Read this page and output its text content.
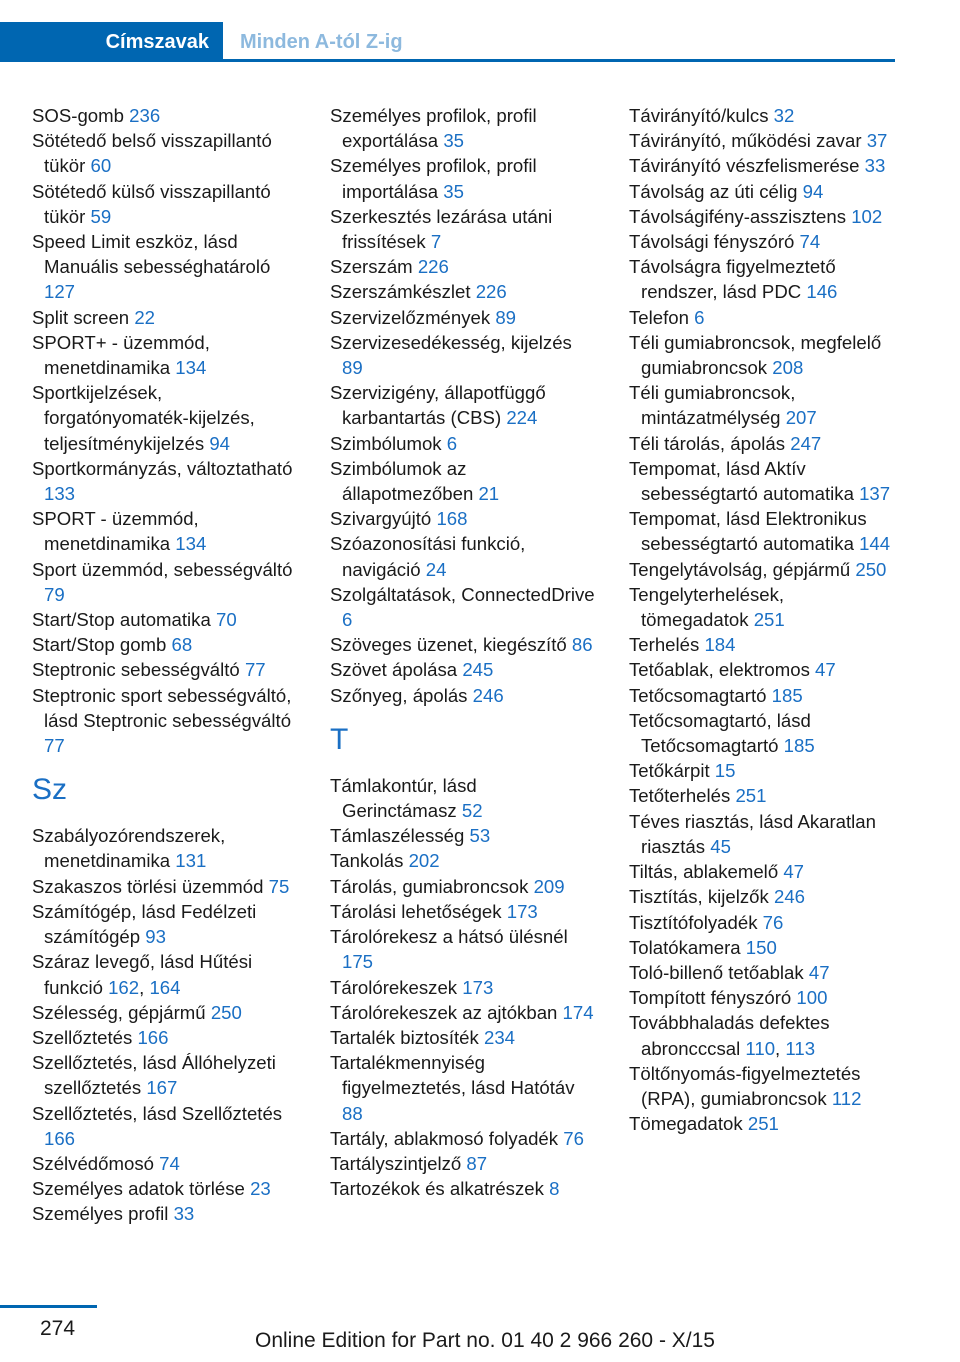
Címszavak	Minden A-tól Z-ig

SOS-gomb 236

Sötétedő belső visszapillantó tükör 60

Sötétedő külső visszapillantó tükör 59

Speed Limit eszköz, lásd Manuális sebességhatároló 127

Split screen 22

SPORT+ - üzemmód, menetdinamika 134

Sportkijelzések, forgatónyomaték-kijelzés, teljesítménykijelzés 94

Sportkormányzás, változtatható 133

SPORT - üzemmód, menetdinamika 134

Sport üzemmód, sebességváltó 79

Start/Stop automatika 70

Start/Stop gomb 68

Steptronic sebességváltó 77

Steptronic sport sebességváltó, lásd Steptronic sebességváltó 77

Sz

Szabályozórendszerek, menetdinamika 131

Szakaszos törlési üzemmód 75

Számítógép, lásd Fedélzeti számítógép 93

Száraz levegő, lásd Hűtési funkció 162, 164

Szélesség, gépjármű 250

Szellőztetés 166

Szellőztetés, lásd Állóhelyzeti szellőztetés 167

Szellőztetés, lásd Szellőztetés 166

Szélvédőmosó 74

Személyes adatok törlése 23

Személyes profil 33

Személyes profilok, profil exportálása 35

Személyes profilok, profil importálása 35

Szerkesztés lezárása utáni frissítések 7

Szerszám 226

Szerszámkészlet 226

Szervizelőzmények 89

Szervizesedékesség, kijelzés 89

Szervizigény, állapotfüggő karbantartás (CBS) 224

Szimbólumok 6

Szimbólumok az állapotmezőben 21

Szivargyújtó 168

Szóazonosítási funkció, navigáció 24

Szolgáltatások, ConnectedDrive 6

Szöveges üzenet, kiegészítő 86

Szövet ápolása 245

Szőnyeg, ápolás 246

T

Támlakontúr, lásd Gerinctámasz 52

Támlaszélesség 53

Tankolás 202

Tárolás, gumiabroncsok 209

Tárolási lehetőségek 173

Tárolórekesz a hátsó ülésnél 175

Tárolórekeszek 173

Tárolórekeszek az ajtókban 174

Tartalék biztosíték 234

Tartalékmennyiség figyelmeztetés, lásd Hatótáv 88

Tartály, ablakmosó folyadék 76

Tartályszintjelző 87

Tartozékok és alkatrészek 8

Távirányító/kulcs 32

Távirányító, működési zavar 37

Távirányító vészfelismerése 33

Távolság az úti célig 94

Távolságifény-asszisztens 102

Távolsági fényszóró 74

Távolságra figyelmeztető rendszer, lásd PDC 146

Telefon 6

Téli gumiabroncsok, megfelelő gumiabroncsok 208

Téli gumiabroncsok, mintázatmélység 207

Téli tárolás, ápolás 247

Tempomat, lásd Aktív sebességtartó automatika 137

Tempomat, lásd Elektronikus sebességtartó automatika 144

Tengelytávolság, gépjármű 250

Tengelyterhelések, tömegadatok 251

Terhelés 184

Tetőablak, elektromos 47

Tetőcsomagtartó 185

Tetőcsomagtartó, lásd Tetőcsomagtartó 185

Tetőkárpit 15

Tetőterhelés 251

Téves riasztás, lásd Akaratlan riasztás 45

Tiltás, ablakemelő 47

Tisztítás, kijelzők 246

Tisztítófolyadék 76

Tolatókamera 150

Toló-billenő tetőablak 47

Tompított fényszóró 100

Továbbhaladás defektes abroncccsal 110, 113

Töltőnyomás-figyelmeztetés (RPA), gumiabroncsok 112

Tömegadatok 251

274
Online Edition for Part no. 01 40 2 966 260 - X/15
